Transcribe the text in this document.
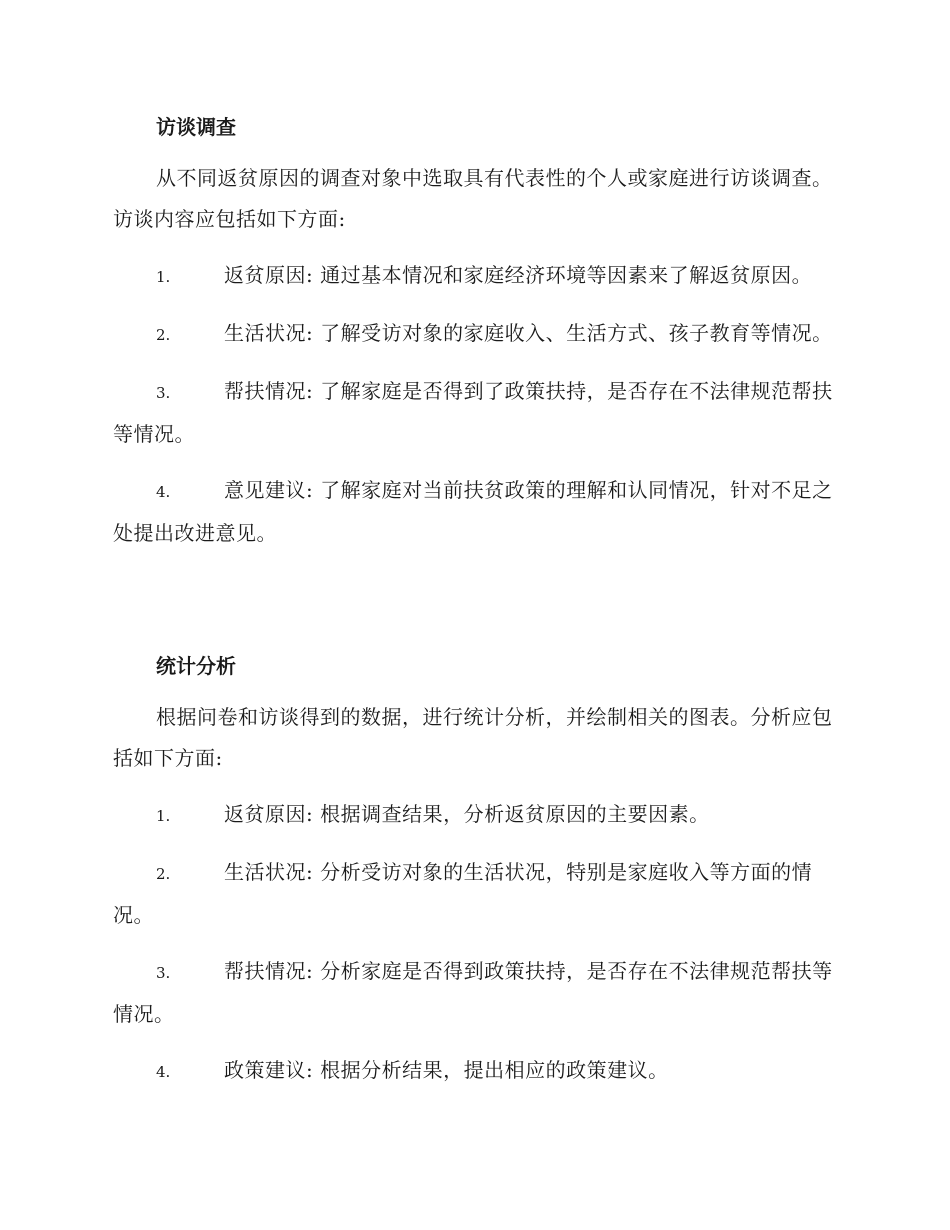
访谈调查

从不同返贫原因的调查对象中选取具有代表性的个人或家庭进行访谈调查。访谈内容应包括如下方面:

1.	返贫原因: 通过基本情况和家庭经济环境等因素来了解返贫原因。
2.	生活状况: 了解受访对象的家庭收入、生活方式、孩子教育等情况。
3.	帮扶情况: 了解家庭是否得到了政策扶持，是否存在不法律规范帮扶等情况。
4.	意见建议: 了解家庭对当前扶贫政策的理解和认同情况，针对不足之处提出改进意见。
统计分析

根据问卷和访谈得到的数据，进行统计分析，并绘制相关的图表。分析应包括如下方面:

1.	返贫原因: 根据调查结果，分析返贫原因的主要因素。
2.	生活状况: 分析受访对象的生活状况，特别是家庭收入等方面的情况。
3.	帮扶情况: 分析家庭是否得到政策扶持，是否存在不法律规范帮扶等情况。
4.	政策建议: 根据分析结果，提出相应的政策建议。
